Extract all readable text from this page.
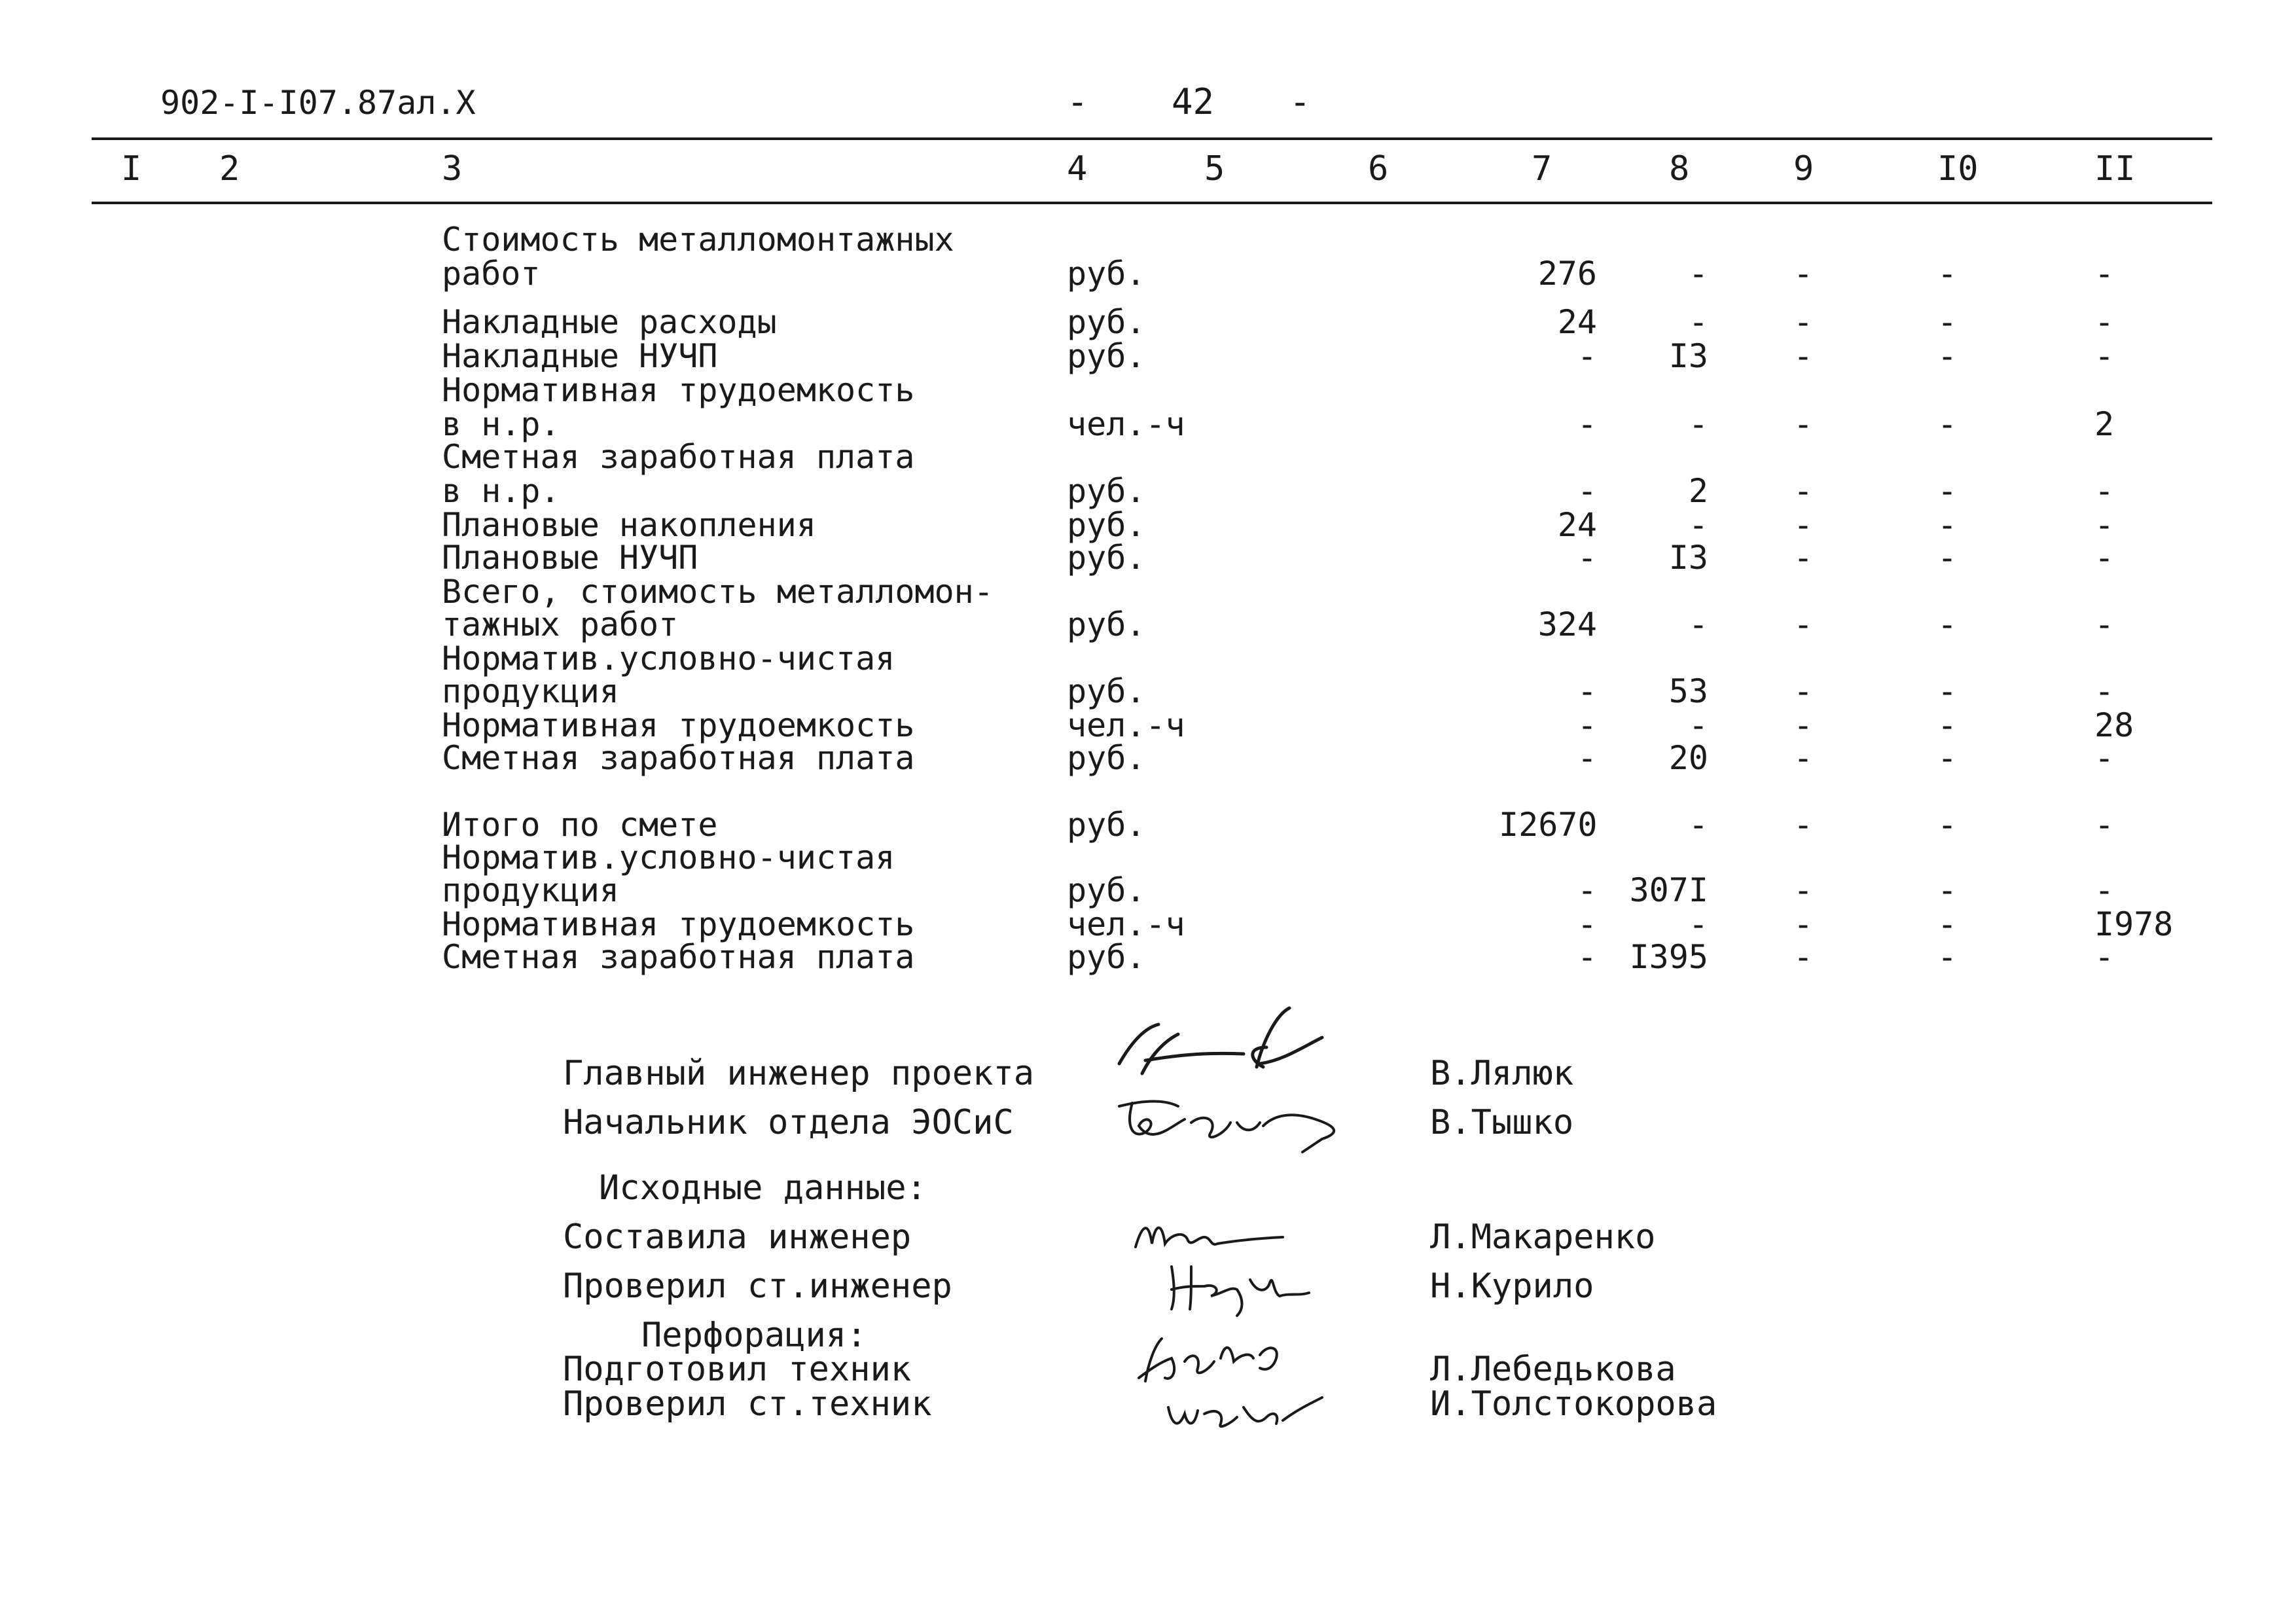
902-I-I07.87ал.X	- 42 -
I 2	3	4	5	6	7	8	9	I0	II
Стоимость металломонтажных
работ	руб.	276	-	-	-	-
Накладные расходы	руб.	24	-	-	-	-
Накладные НУЧП	руб.	-	I3	-	-	-
Нормативная трудоемкость
в н.р.	чел.-ч	-	-	-	-	2
Сметная заработная плата
в н.р.	руб.	-	2	-	-	-
Плановые накопления	руб.	24	-	-	-	-
Плановые НУЧП	руб.	-	I3	-	-	-
Всего, стоимость металломон-
тажных работ	руб.	324	-	-	-	-
Норматив.условно-чистая
продукция	руб.	-	53	-	-	-
Нормативная трудоемкость	чел.-ч	-	-	-	-	28
Сметная заработная плата	руб.	-	20	-	-	-
Итого по смете	руб.	I2670	-	-	-	-
Норматив.условно-чистая
продукция	руб.	- 307I	-	-	-
Нормативная трудоемкость	чел.-ч	-	-	-	-	I978
Сметная заработная плата	руб.	- I395	-	-	-
Главный инженер проекта	В.Лялюк
Начальник отдела ЭОСиС	В.Тышко
Исходные данные:
Составила инженер	Л.Макаренко
Проверил ст.инженер	Н.Курило
Перфорация:
Подготовил техник	Л.Лебедькова
Проверил ст.техник	И.Толстокорова
